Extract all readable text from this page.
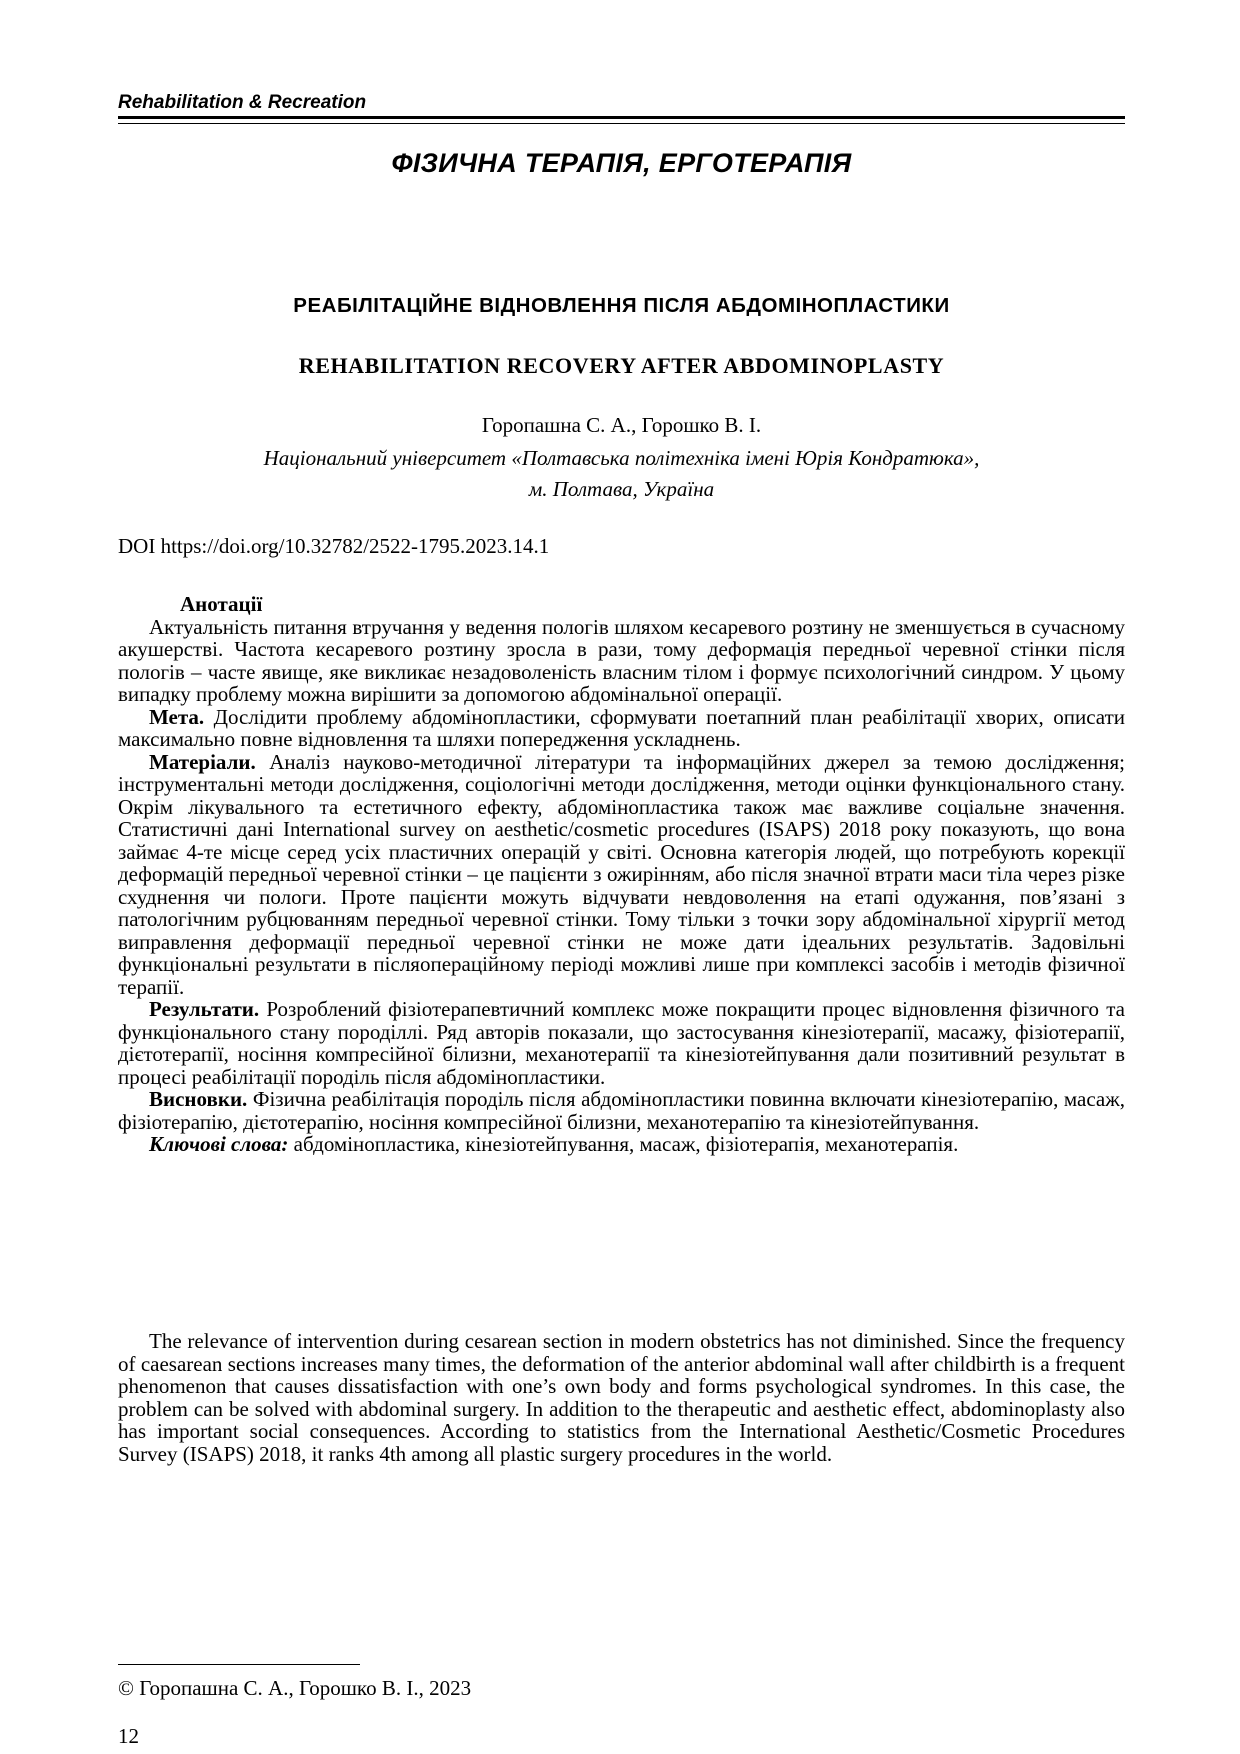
Rehabilitation & Recreation
ФІЗИЧНА ТЕРАПІЯ, ЕРГОТЕРАПІЯ
РЕАБІЛІТАЦІЙНЕ ВІДНОВЛЕННЯ ПІСЛЯ АБДОМІНОПЛАСТИКИ
REHABILITATION RECOVERY AFTER ABDOMINOPLASTY
Горопашна С. А., Горошко В. І.
Національний університет «Полтавська політехніка імені Юрія Кондратюка»,
м. Полтава, Україна
DOI https://doi.org/10.32782/2522-1795.2023.14.1

Анотації

Актуальність питання втручання у ведення пологів шляхом кесаревого розтину не зменшується в сучасному акушерстві. Частота кесаревого розтину зросла в рази, тому деформація передньої черевної стінки після пологів – часте явище, яке викликає незадоволеність власним тілом і формує психологічний синдром. У цьому випадку проблему можна вирішити за допомогою абдомінальної операції.

Мета. Дослідити проблему абдомінопластики, сформувати поетапний план реабілітації хворих, описати максимально повне відновлення та шляхи попередження ускладнень.

Матеріали. Аналіз науково-методичної літератури та інформаційних джерел за темою дослідження; інструментальні методи дослідження, соціологічні методи дослідження, методи оцінки функціонального стану. Окрім лікувального та естетичного ефекту, абдомінопластика також має важливе соціальне значення. Статистичні дані International survey on aesthetic/cosmetic procedures (ISAPS) 2018 року показують, що вона займає 4-те місце серед усіх пластичних операцій у світі. Основна категорія людей, що потребують корекції деформацій передньої черевної стінки – це пацієнти з ожирінням, або після значної втрати маси тіла через різке схуднення чи пологи. Проте пацієнти можуть відчувати невдоволення на етапі одужання, пов’язані з патологічним рубцюванням передньої черевної стінки. Тому тільки з точки зору абдомінальної хірургії метод виправлення деформації передньої черевної стінки не може дати ідеальних результатів. Задовільні функціональні результати в післяопераційному періоді можливі лише при комплексі засобів і методів фізичної терапії.

Результати. Розроблений фізіотерапевтичний комплекс може покращити процес відновлення фізичного та функціонального стану породіллі. Ряд авторів показали, що застосування кінезіотерапії, масажу, фізіотерапії, дієтотерапії, носіння компресійної білизни, механотерапії та кінезіотейпування дали позитивний результат в процесі реабілітації породіль після абдомінопластики.

Висновки. Фізична реабілітація породіль після абдомінопластики повинна включати кінезіотерапію, масаж, фізіотерапію, дієтотерапію, носіння компресійної білизни, механотерапію та кінезіотейпування.

Ключові слова: абдомінопластика, кінезіотейпування, масаж, фізіотерапія, механотерапія.

The relevance of intervention during cesarean section in modern obstetrics has not diminished. Since the frequency of caesarean sections increases many times, the deformation of the anterior abdominal wall after childbirth is a frequent phenomenon that causes dissatisfaction with one’s own body and forms psychological syndromes. In this case, the problem can be solved with abdominal surgery. In addition to the therapeutic and aesthetic effect, abdominoplasty also has important social consequences. According to statistics from the International Aesthetic/Cosmetic Procedures Survey (ISAPS) 2018, it ranks 4th among all plastic surgery procedures in the world.

© Горопашна С. А., Горошко В. І., 2023
12
